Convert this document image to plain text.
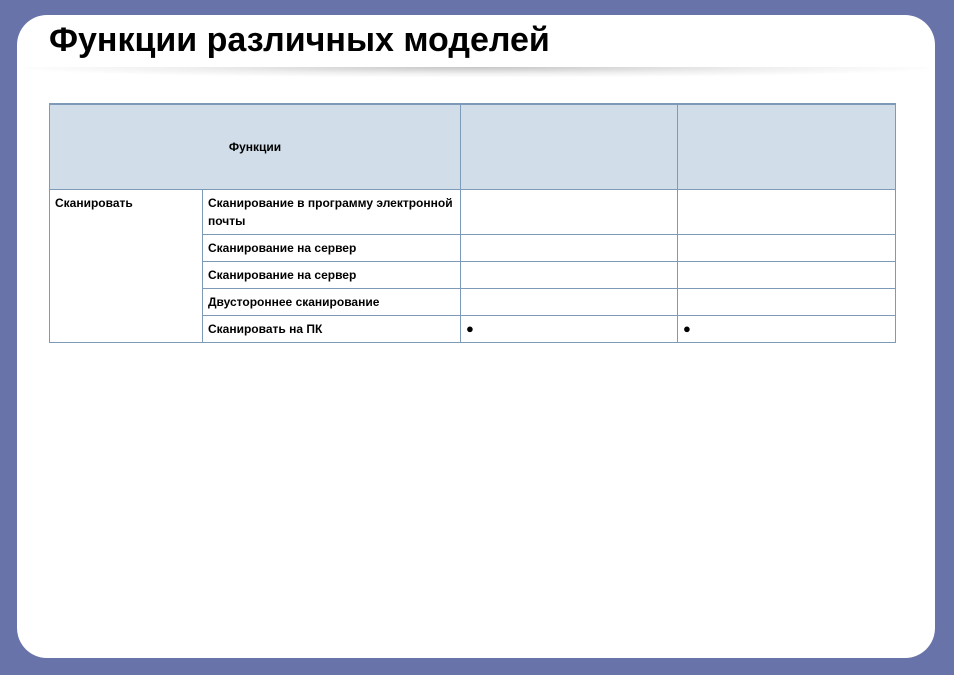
Функции различных моделей
Функции			
Сканировать	Сканирование в программу электронной почты		
	Сканирование на сервер		
	Сканирование на сервер		
	Двустороннее сканирование		
	Сканировать на ПК	●	●
